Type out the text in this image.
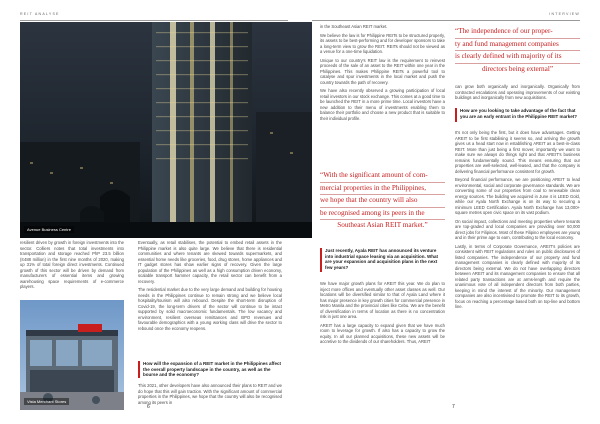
REIT ANALYSE	INTERVIEW
Avenue Business Centre

resilient driven by growth in foreign investments into the sector. Colliers notes that total investments into transportation and storage reached PhP 23.5 billion (₶488 million) in the first nine months of 2020, making up 31% of total foreign direct investments. Continued growth of this sector will be driven by demand from manufacturers of essential items and growing warehousing space requirements of e-commerce players.

Vista Merchant Stores

Eventually, as retail stabilises, the potential to embed retail assets in the Philippine market is also quite large. We believe that there is residential communities and where tenants are skewed towards supermarkets, and essential home needs like groceries, food, drug stores, home appliances and IT gadget stores has show earlier signs of recovery. Given the large population of the Philippines as well as a high consumption driven economy, scalable transport hammer capacity, the retail sector can benefit from a recovery.

The residential market due to the very large demand and building for housing needs in the Philippines continue to remain strong and we believe local hospitality/tourism will also rebound. Despite the short-term disruption of Covid-19, the long-term drivers of the sector will continue to be intact supported by solid macroeconomic fundamentals. The low vacancy and environment, resilient overseas remittances and BPO revenues and favourable demographics with a young working class will drive the sector to rebound once the economy reopens.

How will the expansion of a REIT market in the Philippines affect the overall property landscape in the country, as well as the bourse and the economy?

This 2021, other developers have also announced their plans to REIT and we do hope that this will gain traction. With the significant amount of commercial properties in the Philippines, we hope that the country will also be recognised among its peers in

6

in the Southeast Asian REIT market.

We believe the law is for Philippine REITs to be structured properly, its assets to be best-performing and for developer sponsors to take a long-term view to grow the REIT. REITs should not be viewed as a venue for a one-time liquidation.

Unique to our country's REIT law is the requirement to reinvest proceeds of the sale of an asset to the REIT within one year in the Philippines. This makes Philippine REITs a powerful tool to catalyse and spur investments in the local market and push the country towards the path of recovery.

We have also recently observed a growing participation of local retail investors in our stock exchange. This comes at a good time to be launched the REIT in a more prime time. Local investors have a new addition to their menu of investments enabling them to balance their portfolio and choose a new product that is suitable to their individual profile.

“With the significant amount of com-
mercial properties in the Philippines,
we hope that the country will also
be recognised among its peers in the
Southeast Asian REIT market.”
Just recently, Ayala REIT has announced its venture into industrial space leasing via an acquisition. What are your expansion and acquisition plans in the next few years?

We have major growth plans for AREIT this year. We do plan to inject more offices and eventually other asset classes as well. Our locations will be diversified similar to that of Ayala Land where it has major presence in key growth cities for commercial presence in Metro Manila and the provincial cities like Cebu. We are the benefit of diversification in terms of location as there is no concentration risk in just one area.

AREIT has a large capacity to expand given that we have much room to leverage for growth. If also has a capacity to grow the equity. In all our planned acquisitions, these new assets will be accretive to the dividends of our shareholders. Thus, AREIT

“The independence of our proper-
ty and fund management companies
is clearly defined with majority of its
directors being external”

can grow both organically and inorganically. Organically from contracted escalations and operating improvements of our existing buildings and inorganically from new acquisitions.

How are you looking to take advantage of the fact that you are an early entrant in the Philippine REIT market?

It's not only being the first, but it does have advantages. Getting AREIT to be first stabilising it seems so, and arriving the growth gives us a head start now in establishing AREIT as a best-in-class REIT. More than just being a first mover, importantly we want to make sure we always do things right and that AREIT's business remains fundamentally sound. This means ensuring that our properties are well-selected, well-leased, and that the company is delivering financial performance consistent for growth.

Beyond financial performance, we are positioning AREIT to lead environmental, social and corporate governance standards. We are converting some of our properties from coal to renewable clean energy sources. The building we acquired in June 4 is LEED Gold, while our Ayala North Exchange is on its way to securing a minimum LEED Certification. Ayala North Exchange has 13,000+ square metres open civic space on its vast podium.

On social impact, collections and meeting properties where tenants are top-graded and local companies are providing over 50,000 direct jobs for Filipinos. Most of these Filipino employees are young and in their prime age to earn, contributing to the local economy.

Lastly, in terms of Corporate Governance, AREIT's policies are consistent with REIT regulations and rules on public disclosures of listed companies. The independence of our property and fund management companies is clearly defined with majority of its directors being external. We do not have overlapping directors between AREIT and its management companies to ensure that all related party transactions are at arms-length and require the unanimous vote of all independent directors from both parties, keeping in mind the interest of the minority. Our management companies are also incentivised to promote the REIT to its growth, focus on reaching a percentage based both on top-line and bottom line.

7
